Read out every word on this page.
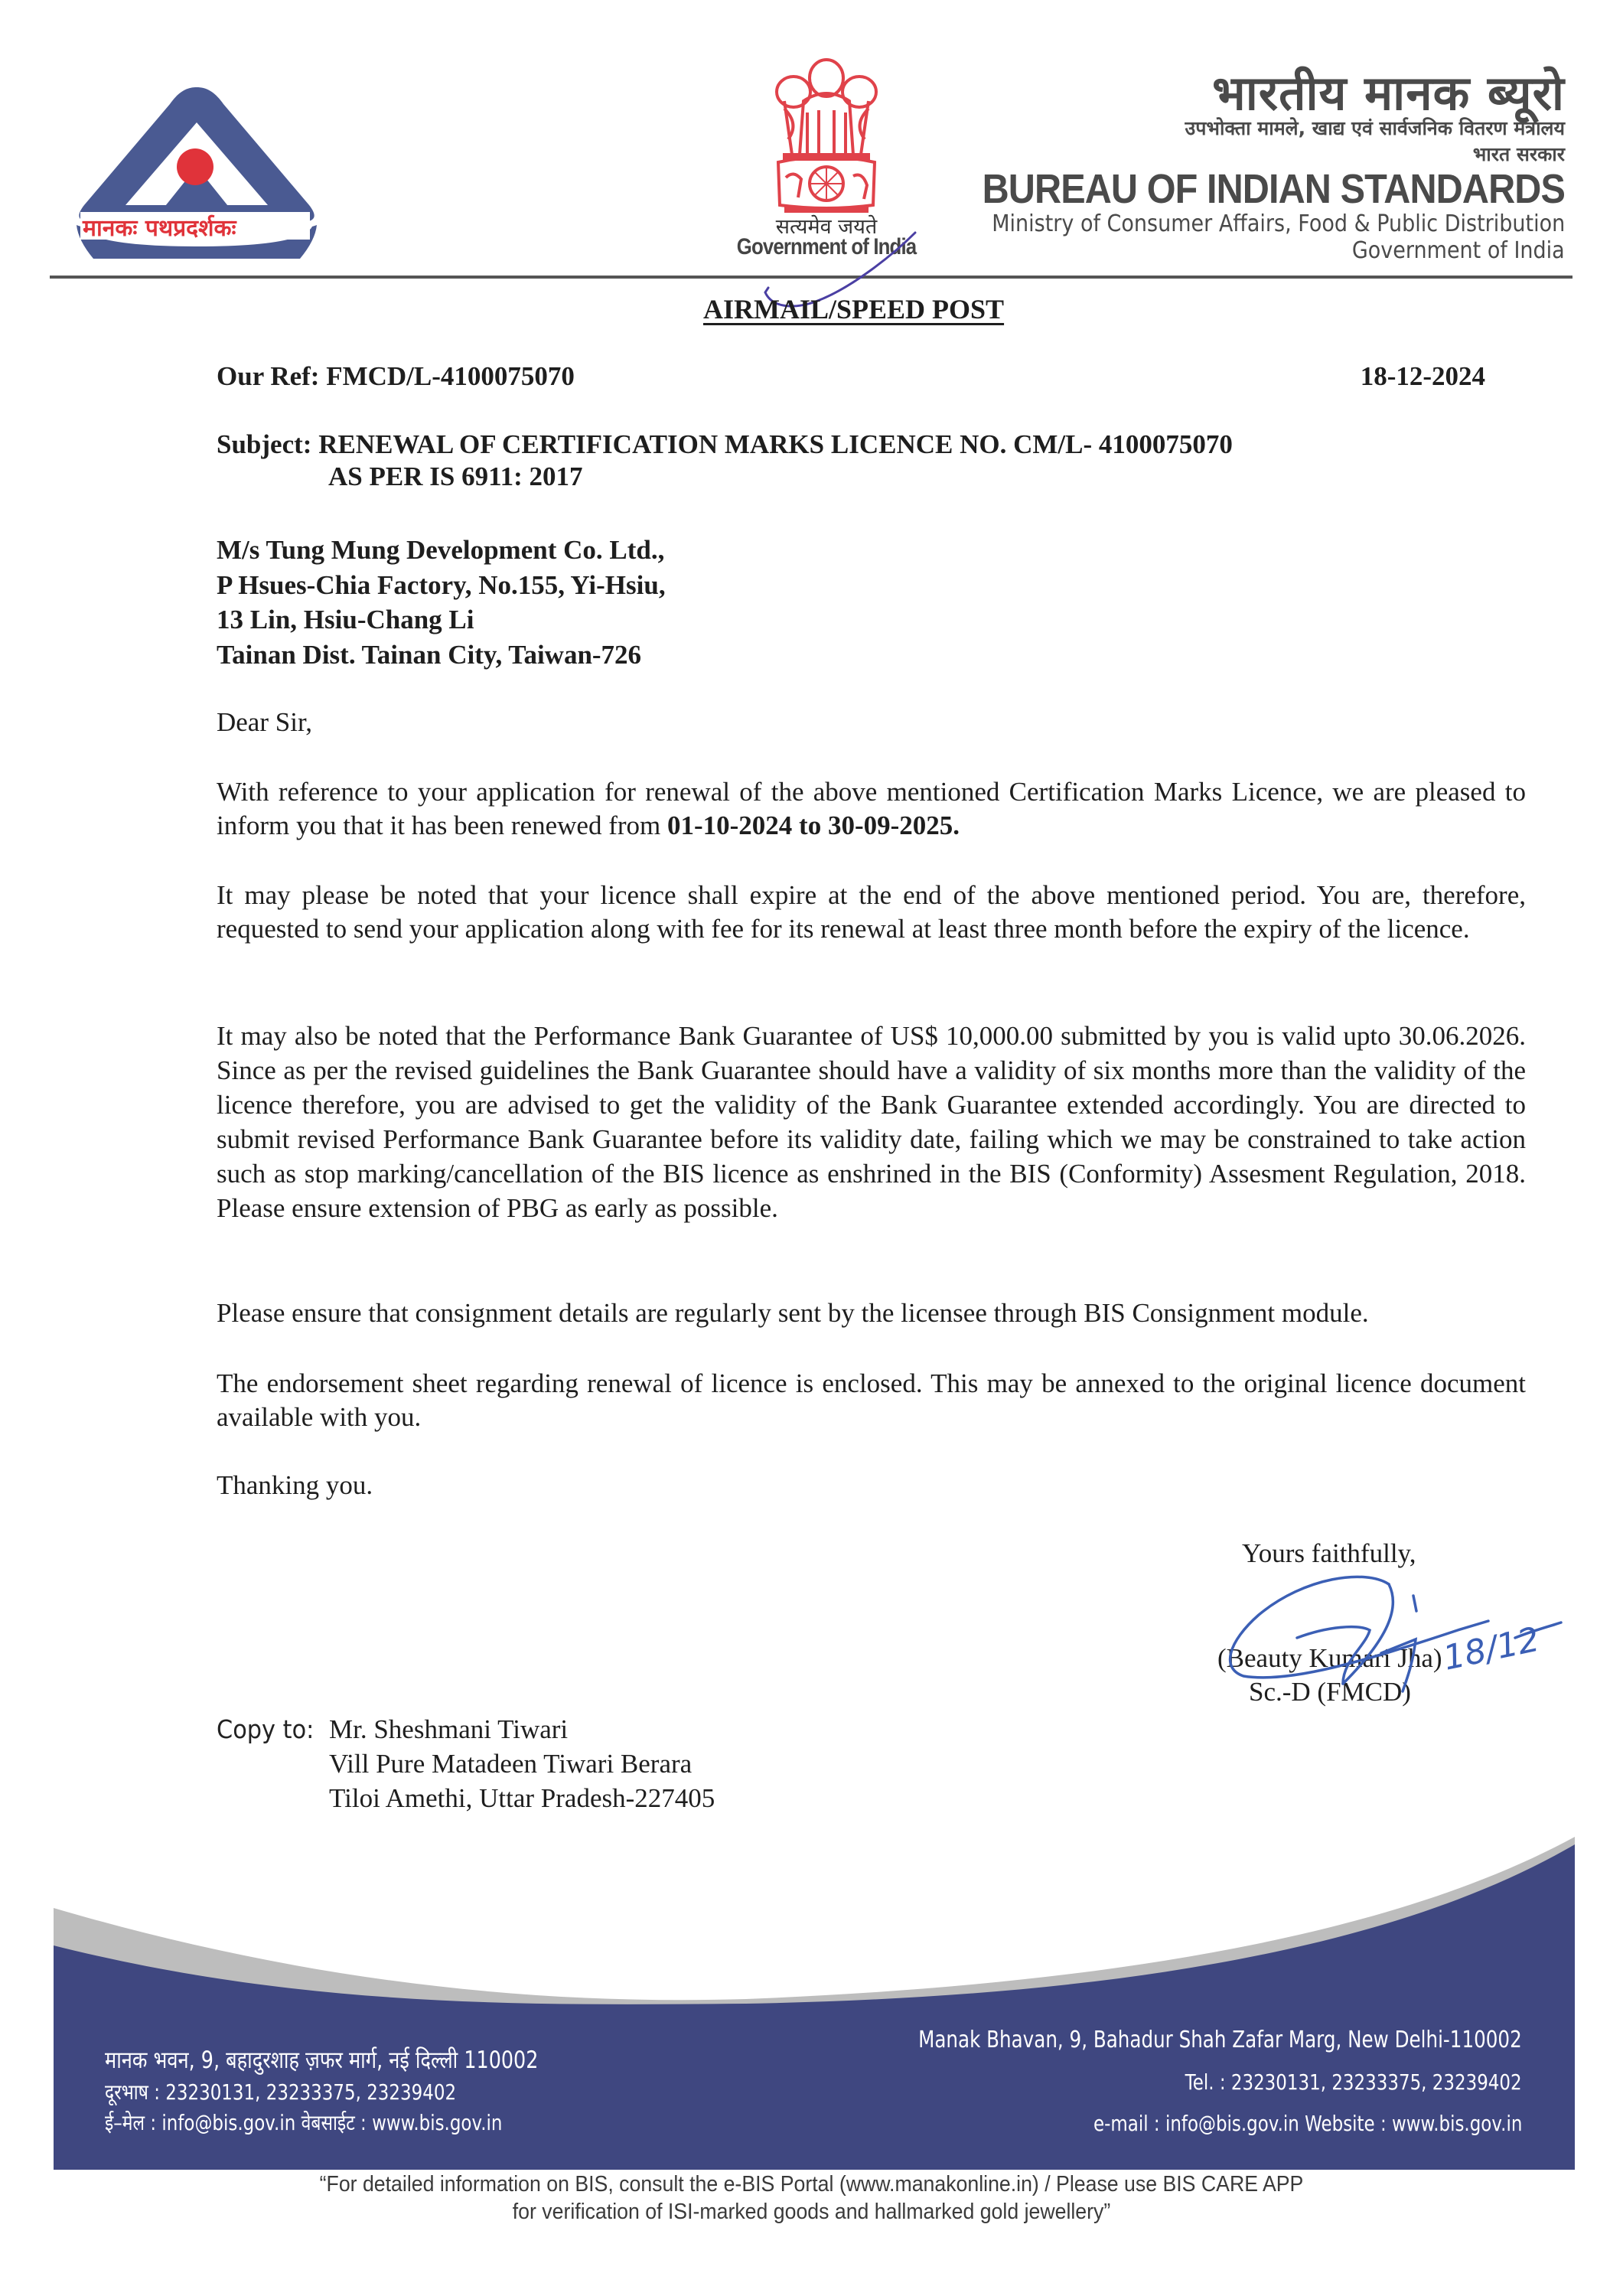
मानकः पथप्रदर्शकः	सत्यमेव जयते
Government of India
भारतीय मानक ब्यूरो
उपभोक्ता मामले, खाद्य एवं सार्वजनिक वितरण मंत्रालय
भारत सरकार
BUREAU OF INDIAN STANDARDS
Ministry of Consumer Affairs, Food & Public Distribution
Government of India
AIRMAIL/SPEED POST
Our Ref: FMCD/L-4100075070	18-12-2024
Subject: RENEWAL OF CERTIFICATION MARKS LICENCE NO. CM/L- 4100075070
AS PER IS 6911: 2017
M/s Tung Mung Development Co. Ltd.,
P Hsues-Chia Factory, No.155, Yi-Hsiu,
13 Lin, Hsiu-Chang Li
Tainan Dist. Tainan City, Taiwan-726
Dear Sir,
With reference to your application for renewal of the above mentioned Certification Marks Licence, we are pleased to inform you that it has been renewed from 01-10-2024 to 30-09-2025.
It may please be noted that your licence shall expire at the end of the above mentioned period. You are, therefore, requested to send your application along with fee for its renewal at least three month before the expiry of the licence.
It may also be noted that the Performance Bank Guarantee of US$ 10,000.00 submitted by you is valid upto 30.06.2026. Since as per the revised guidelines the Bank Guarantee should have a validity of six months more than the validity of the licence therefore, you are advised to get the validity of the Bank Guarantee extended accordingly. You are directed to submit revised Performance Bank Guarantee before its validity date, failing which we may be constrained to take action such as stop marking/cancellation of the BIS licence as enshrined in the BIS (Conformity) Assesment Regulation, 2018. Please ensure extension of PBG as early as possible.
Please ensure that consignment details are regularly sent by the licensee through BIS Consignment module.
The endorsement sheet regarding renewal of licence is enclosed. This may be annexed to the original licence document available with you.
Thanking you.
Yours faithfully,
(Beauty Kumari Jha)
Sc.-D (FMCD)
18/12
Copy to: Mr. Sheshmani Tiwari
Vill Pure Matadeen Tiwari Berara
Tiloi Amethi, Uttar Pradesh-227405
मानक भवन, 9, बहादुरशाह ज़फर मार्ग, नई दिल्ली 110002
दूरभाष : 23230131, 23233375, 23239402
ई–मेल : info@bis.gov.in वेबसाईट : www.bis.gov.in
Manak Bhavan, 9, Bahadur Shah Zafar Marg, New Delhi-110002
Tel. : 23230131, 23233375, 23239402
e-mail : info@bis.gov.in Website : www.bis.gov.in
“For detailed information on BIS, consult the e-BIS Portal (www.manakonline.in) / Please use BIS CARE APP
for verification of ISI-marked goods and hallmarked gold jewellery”
